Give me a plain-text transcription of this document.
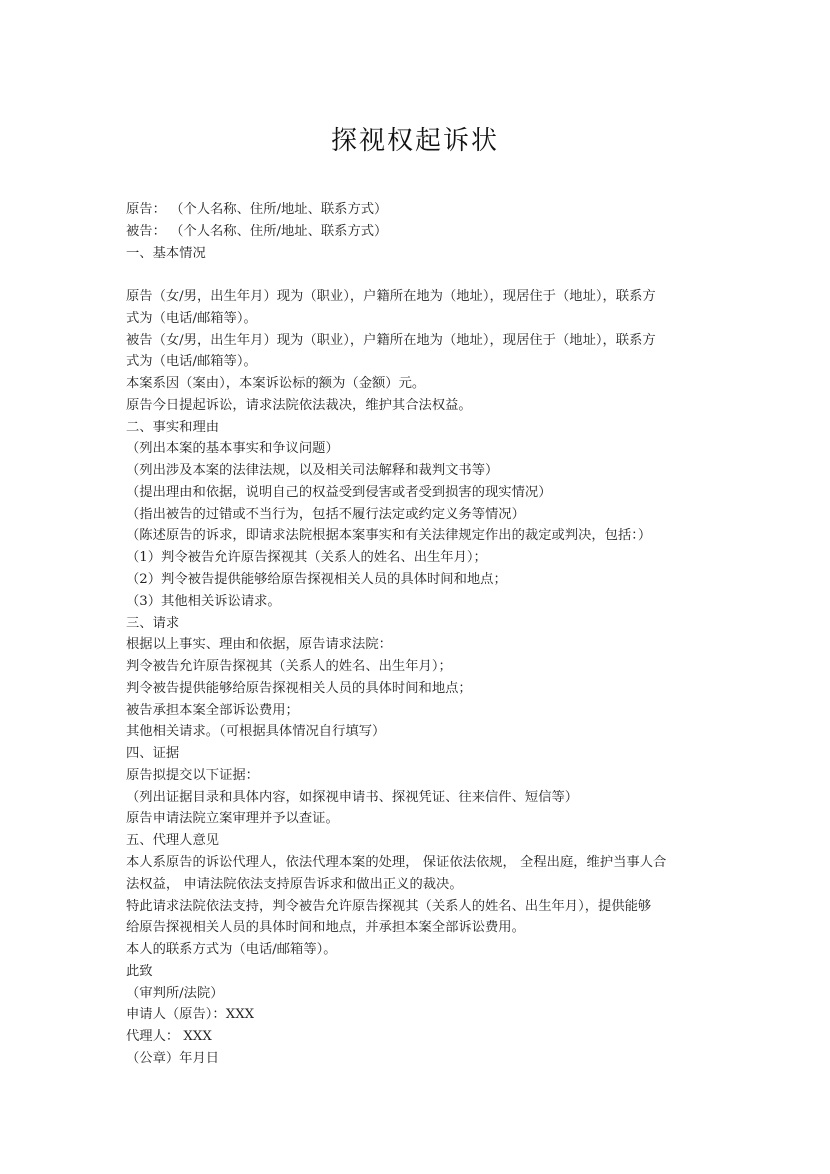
探视权起诉状
原告： （个人名称、住所/地址、联系方式）
被告： （个人名称、住所/地址、联系方式）
一、基本情况
原告（女/男，出生年月）现为（职业），户籍所在地为（地址），现居住于（地址），联系方
式为（电话/邮箱等）。
被告（女/男，出生年月）现为（职业），户籍所在地为（地址），现居住于（地址），联系方
式为（电话/邮箱等）。
本案系因（案由），本案诉讼标的额为（金额）元。
原告今日提起诉讼，请求法院依法裁决，维护其合法权益。
二、事实和理由
（列出本案的基本事实和争议问题）
（列出涉及本案的法律法规，以及相关司法解释和裁判文书等）
（提出理由和依据，说明自己的权益受到侵害或者受到损害的现实情况）
（指出被告的过错或不当行为，包括不履行法定或约定义务等情况）
（陈述原告的诉求，即请求法院根据本案事实和有关法律规定作出的裁定或判决，包括：）
（1）判令被告允许原告探视其（关系人的姓名、出生年月）；
（2）判令被告提供能够给原告探视相关人员的具体时间和地点；
（3）其他相关诉讼请求。
三、请求
根据以上事实、理由和依据，原告请求法院：
判令被告允许原告探视其（关系人的姓名、出生年月）；
判令被告提供能够给原告探视相关人员的具体时间和地点；
被告承担本案全部诉讼费用；
其他相关请求。（可根据具体情况自行填写）
四、证据
原告拟提交以下证据：
（列出证据目录和具体内容，如探视申请书、探视凭证、往来信件、短信等）
原告申请法院立案审理并予以查证。
五、代理人意见
本人系原告的诉讼代理人，依法代理本案的处理， 保证依法依规， 全程出庭，维护当事人合
法权益， 申请法院依法支持原告诉求和做出正义的裁决。
特此请求法院依法支持，判令被告允许原告探视其（关系人的姓名、出生年月），提供能够
给原告探视相关人员的具体时间和地点，并承担本案全部诉讼费用。
本人的联系方式为（电话/邮箱等）。
此致
（审判所/法院）
申请人（原告）：XXX
代理人： XXX
（公章）年月日
